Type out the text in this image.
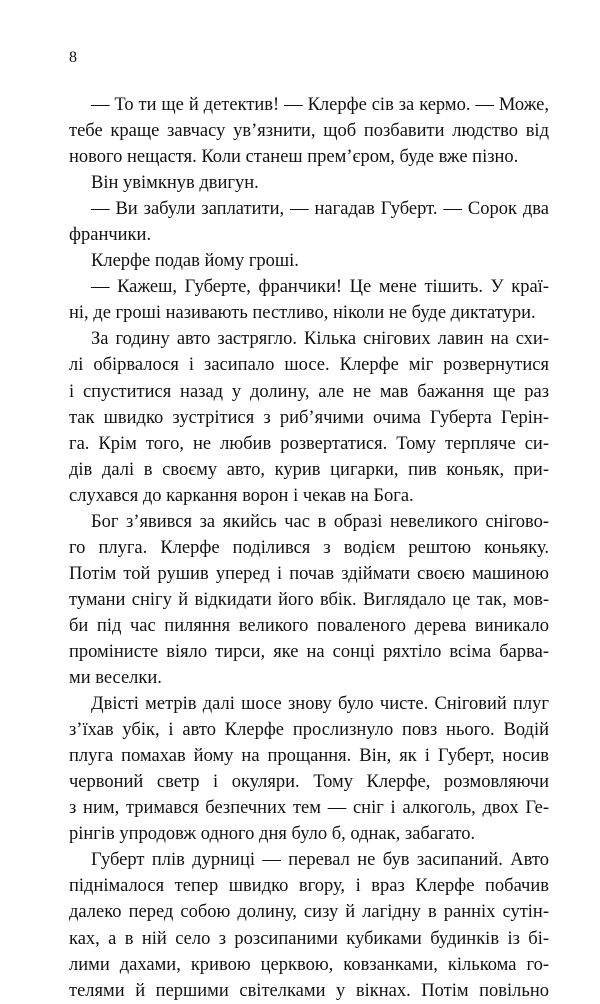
8
— То ти ще й детектив! — Клерфе сів за кермо. — Може,
тебе краще завчасу ув’язнити, щоб позбавити людство від
нового нещастя. Коли станеш прем’єром, буде вже пізно.
Він увімкнув двигун.
— Ви забули заплатити, — нагадав Губерт. — Сорок два
франчики.
Клерфе подав йому гроші.
— Кажеш, Губерте, франчики! Це мене тішить. У краї-
ні, де гроші називають пестливо, ніколи не буде диктатури.
За годину авто застрягло. Кілька снігових лавин на схи-
лі обірвалося і засипало шосе. Клерфе міг розвернутися
і спуститися назад у долину, але не мав бажання ще раз
так швидко зустрітися з риб’ячими очима Губерта Герін-
га. Крім того, не любив розвертатися. Тому терпляче си-
дів далі в своєму авто, курив цигарки, пив коньяк, при-
слухався до каркання ворон і чекав на Бога.
Бог з’явився за якийсь час в образі невеликого снігово-
го плуга. Клерфе поділився з водієм рештою коньяку.
Потім той рушив уперед і почав здіймати своєю машиною
тумани снігу й відкидати його вбік. Виглядало це так, мов-
би під час пиляння великого поваленого дерева виникало
промінисте віяло тирси, яке на сонці ряхтіло всіма барва-
ми веселки.
Двісті метрів далі шосе знову було чисте. Сніговий плуг
з’їхав убік, і авто Клерфе прослизнуло повз нього. Водій
плуга помахав йому на прощання. Він, як і Губерт, носив
червоний светр і окуляри. Тому Клерфе, розмовляючи
з ним, тримався безпечних тем — сніг і алкоголь, двох Ге-
рінгів упродовж одного дня було б, однак, забагато.
Губерт плів дурниці — перевал не був засипаний. Авто
піднімалося тепер швидко вгору, і враз Клерфе побачив
далеко перед собою долину, сизу й лагідну в ранніх сутін-
ках, а в ній село з розсипаними кубиками будинків із бі-
лими дахами, кривою церквою, ковзанками, кількома го-
телями й першими світелками у вікнах. Потім повільно
